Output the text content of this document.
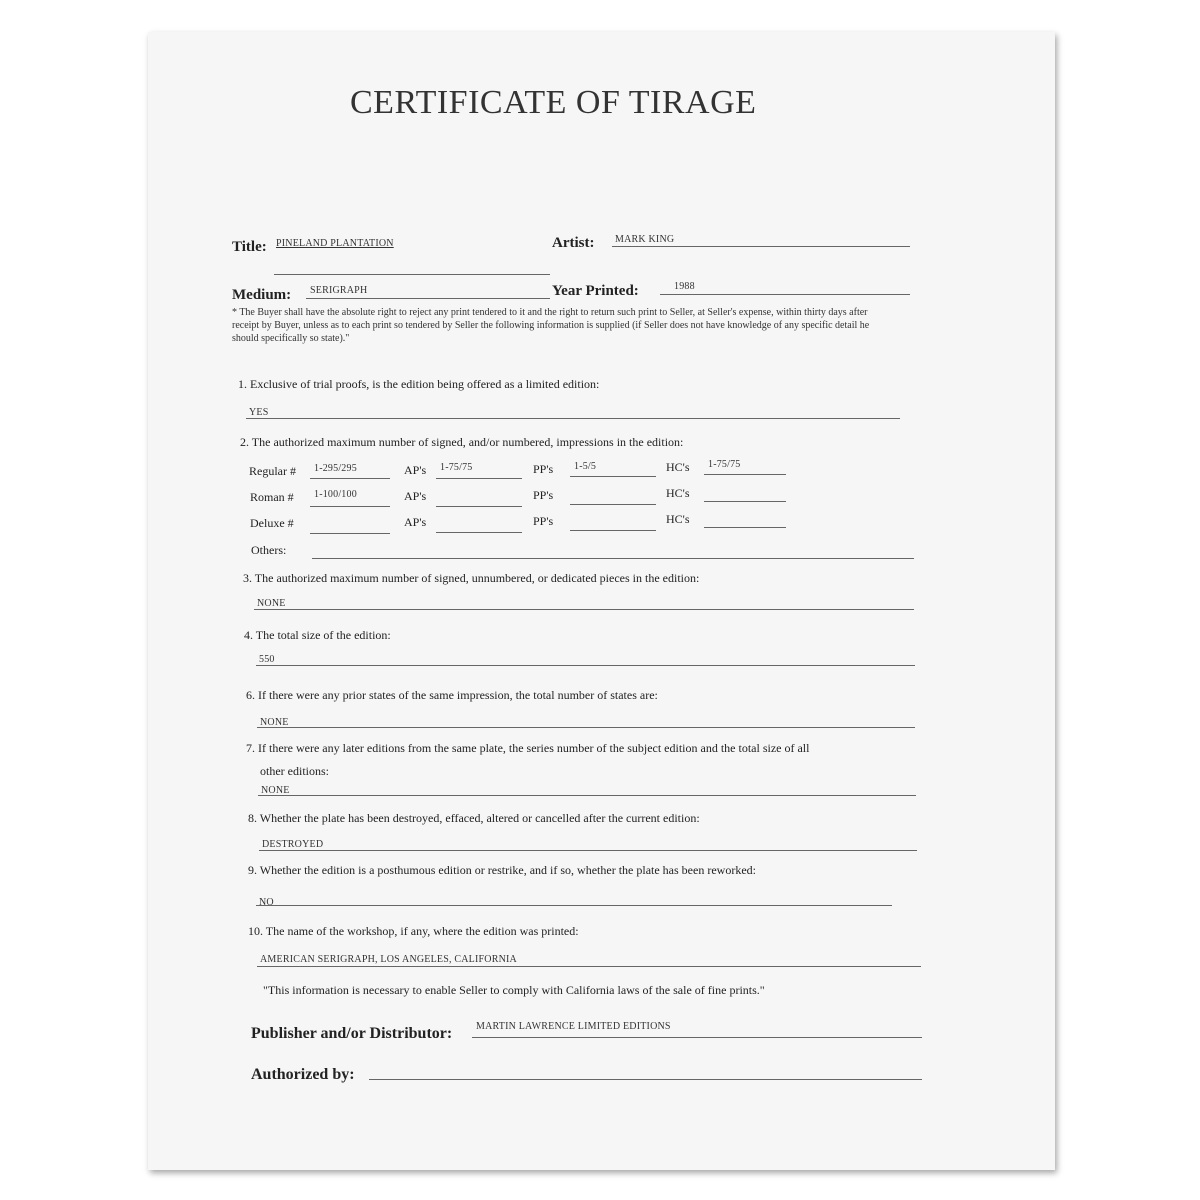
CERTIFICATE OF TIRAGE
Title: PINELAND PLANTATION	Artist: MARK KING
Medium: SERIGRAPH	Year Printed:	1988
* The Buyer shall have the absolute right to reject any print tendered to it and the right to return such print to Seller, at Seller's expense, within thirty days after receipt by Buyer, unless as to each print so tendered by Seller the following information is supplied (if Seller does not have knowledge of any specific detail he should specifically so state)."
1. Exclusive of trial proofs, is the edition being offered as a limited edition:
YES
2. The authorized maximum number of signed, and/or numbered, impressions in the edition:
Regular # 1-295/295	AP's 1-75/75	PP's 1-5/5	HC's 1-75/75
Roman # 1-100/100	AP's	PP's	HC's
Deluxe #	AP's	PP's	HC's
Others:
3. The authorized maximum number of signed, unnumbered, or dedicated pieces in the edition:
NONE
4. The total size of the edition:
550
6. If there were any prior states of the same impression, the total number of states are:
NONE
7. If there were any later editions from the same plate, the series number of the subject edition and the total size of all
other editions:
NONE
8. Whether the plate has been destroyed, effaced, altered or cancelled after the current edition:
DESTROYED
9. Whether the edition is a posthumous edition or restrike, and if so, whether the plate has been reworked:
NO
10. The name of the workshop, if any, where the edition was printed:
AMERICAN SERIGRAPH, LOS ANGELES, CALIFORNIA
"This information is necessary to enable Seller to comply with California laws of the sale of fine prints."
Publisher and/or Distributor: MARTIN LAWRENCE LIMITED EDITIONS
Authorized by:
